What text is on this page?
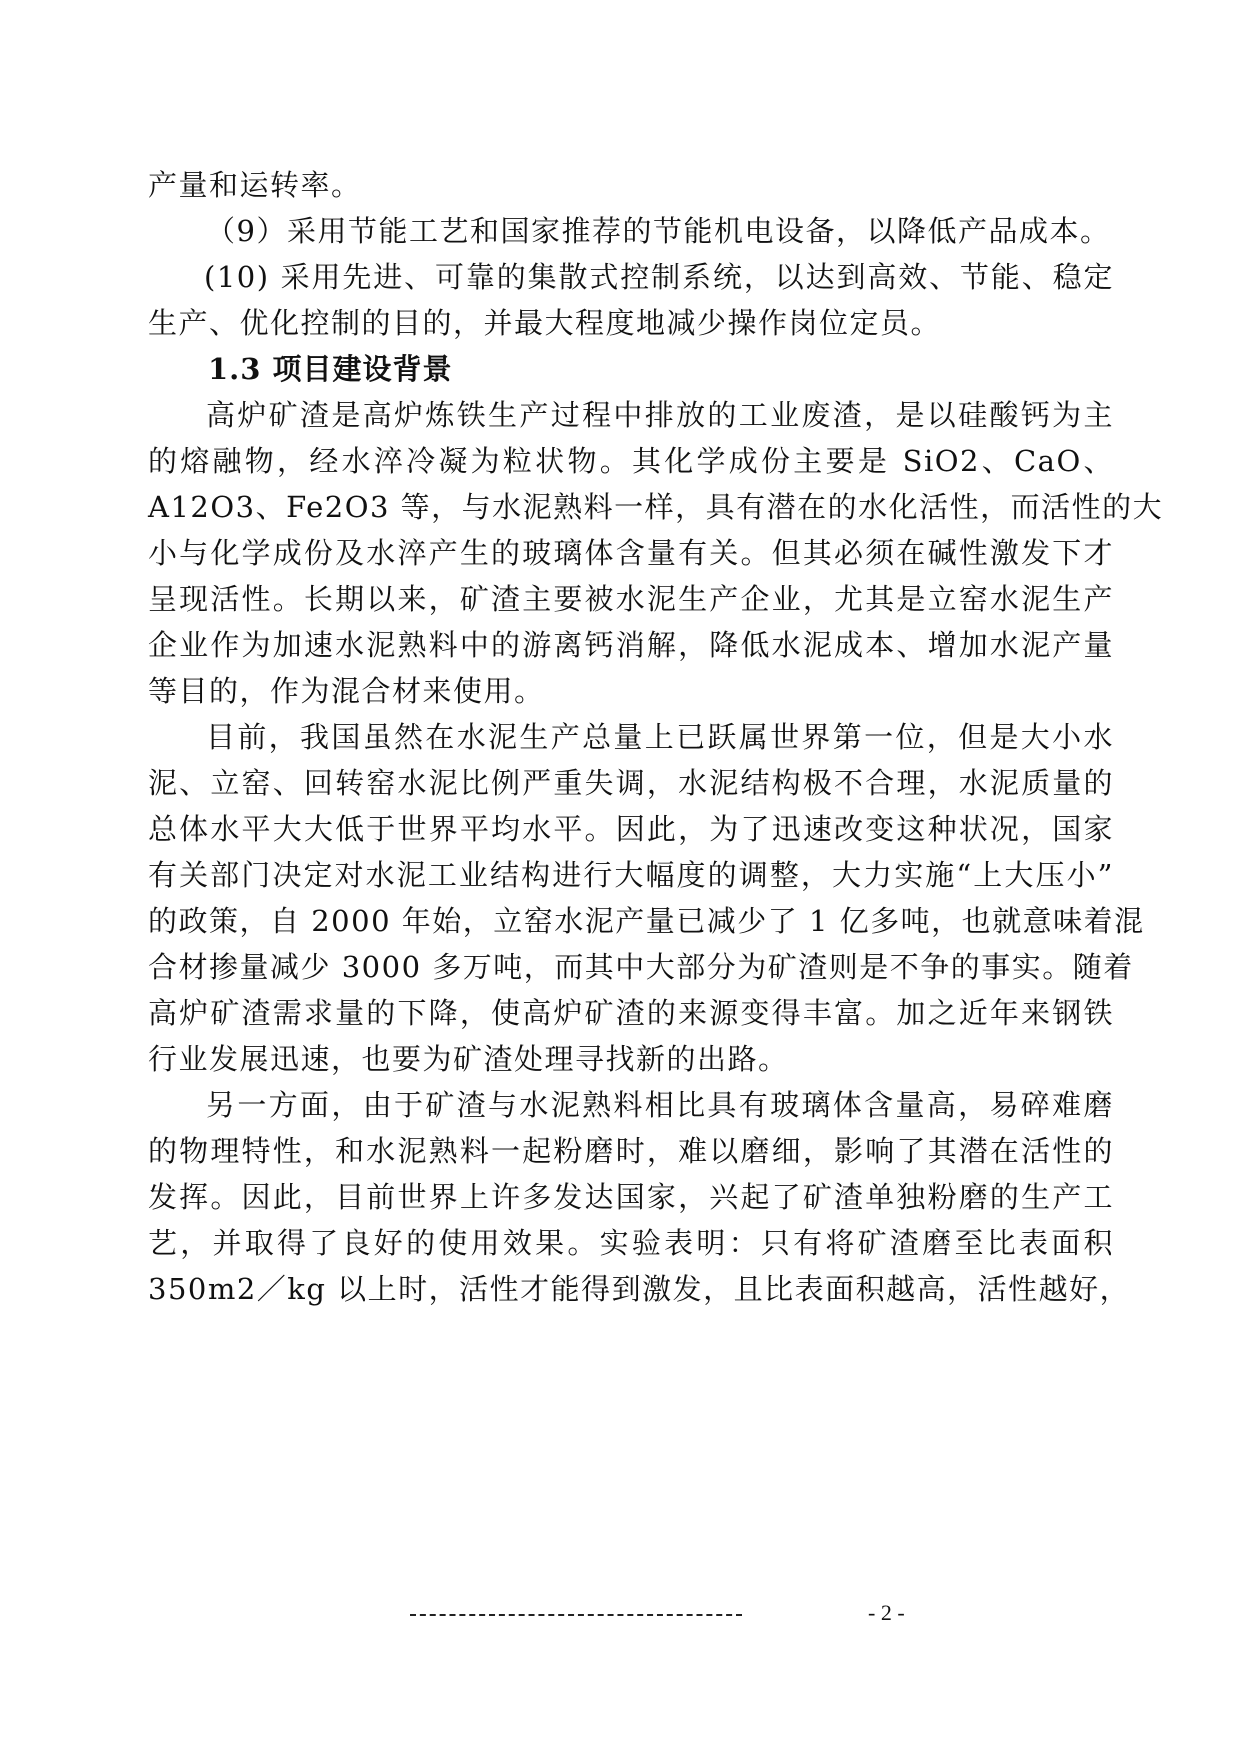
产量和运转率。
（9）采用节能工艺和国家推荐的节能机电设备，以降低产品成本。
(10) 采用先进、可靠的集散式控制系统，以达到高效、节能、稳定
生产、优化控制的目的，并最大程度地减少操作岗位定员。
1.3 项目建设背景
高炉矿渣是高炉炼铁生产过程中排放的工业废渣，是以硅酸钙为主
的熔融物，经水淬冷凝为粒状物。其化学成份主要是 SiO2、CaO、
A12O3、Fe2O3 等，与水泥熟料一样，具有潜在的水化活性，而活性的大
小与化学成份及水淬产生的玻璃体含量有关。但其必须在碱性激发下才
呈现活性。长期以来，矿渣主要被水泥生产企业，尤其是立窑水泥生产
企业作为加速水泥熟料中的游离钙消解，降低水泥成本、增加水泥产量
等目的，作为混合材来使用。
目前，我国虽然在水泥生产总量上已跃属世界第一位，但是大小水
泥、立窑、回转窑水泥比例严重失调，水泥结构极不合理，水泥质量的
总体水平大大低于世界平均水平。因此，为了迅速改变这种状况，国家
有关部门决定对水泥工业结构进行大幅度的调整，大力实施“上大压小”
的政策，自 2000 年始，立窑水泥产量已减少了 1 亿多吨，也就意味着混
合材掺量减少 3000 多万吨，而其中大部分为矿渣则是不争的事实。随着
高炉矿渣需求量的下降，使高炉矿渣的来源变得丰富。加之近年来钢铁
行业发展迅速，也要为矿渣处理寻找新的出路。
另一方面，由于矿渣与水泥熟料相比具有玻璃体含量高，易碎难磨
的物理特性，和水泥熟料一起粉磨时，难以磨细，影响了其潜在活性的
发挥。因此，目前世界上许多发达国家，兴起了矿渣单独粉磨的生产工
艺，并取得了良好的使用效果。实验表明：只有将矿渣磨至比表面积
350m2／kg 以上时，活性才能得到激发，且比表面积越高，活性越好，
- 2 -
